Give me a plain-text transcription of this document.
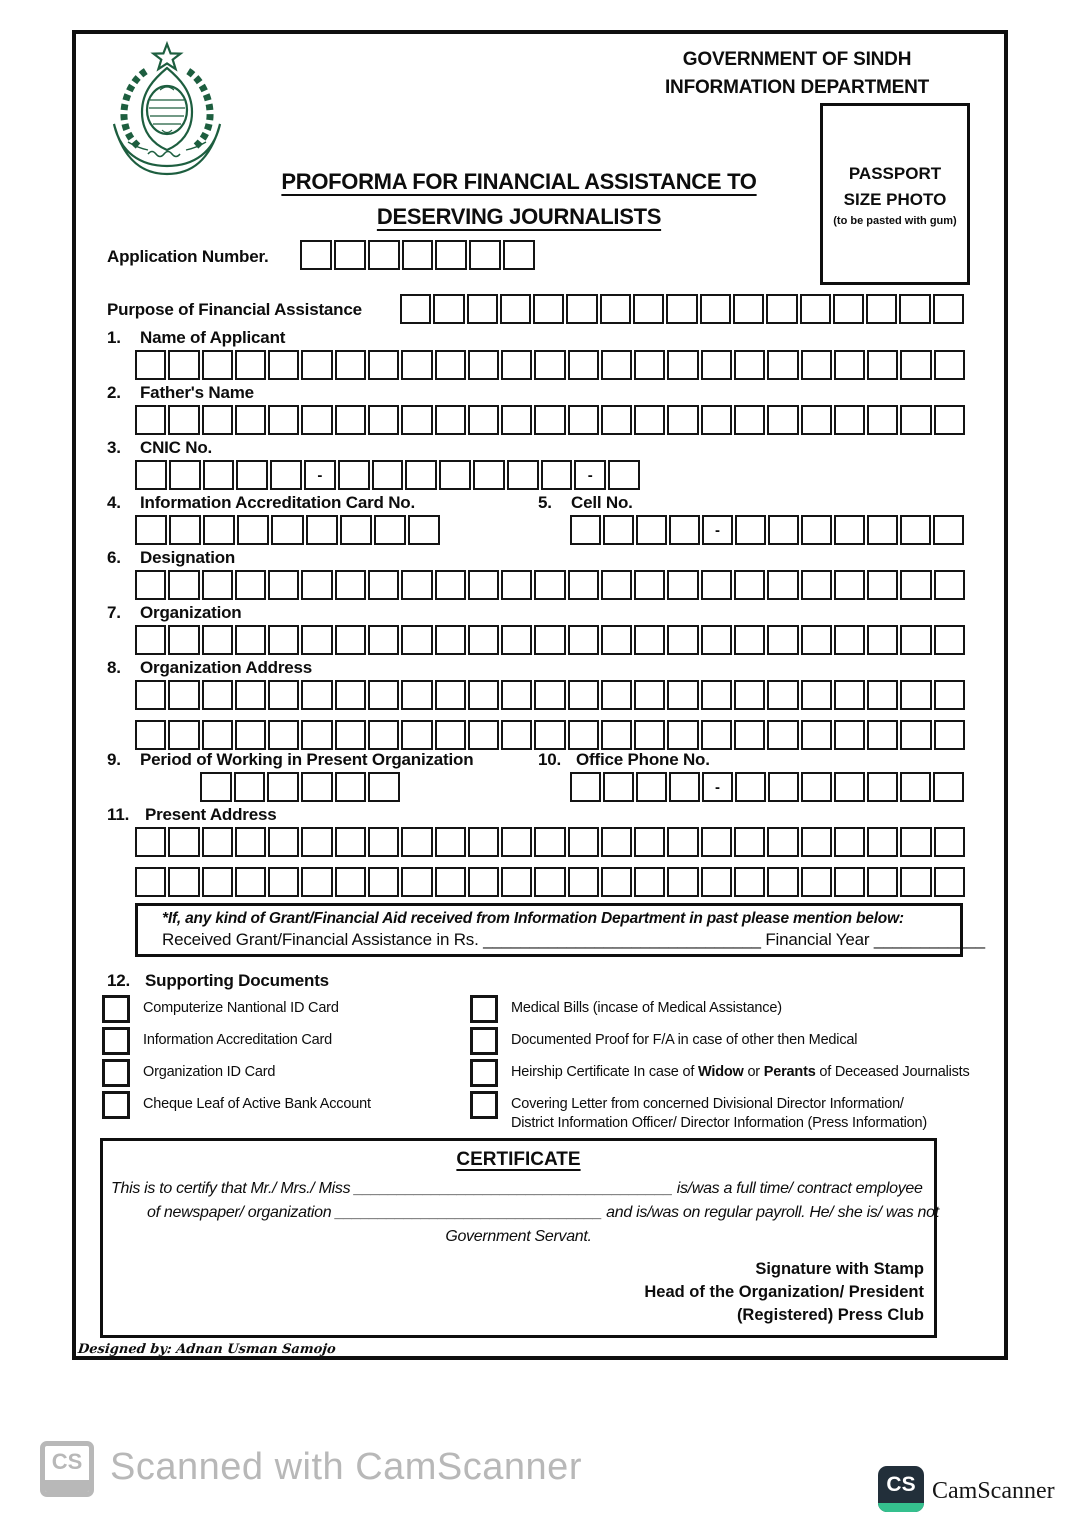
GOVERNMENT OF SINDH
INFORMATION DEPARTMENT
PASSPORT
SIZE PHOTO
(to be pasted with gum)
PROFORMA FOR FINANCIAL ASSISTANCE TO
DESERVING JOURNALISTS
Application Number.
Purpose of Financial Assistance
1.	Name of Applicant
2.	Father's Name
3.	CNIC No.
-	-
4.	Information Accreditation Card No.	5.	Cell No.
-
6.	Designation
7.	Organization
8.	Organization Address
9.	Period of Working in Present Organization	10. Office Phone No.
-
11. Present Address
*If, any kind of Grant/Financial Aid received from Information Department in past please mention below:
Received Grant/Financial Assistance in Rs. ______________________________ Financial Year ____________
12. Supporting Documents
Computerize Nantional ID Card
Information Accreditation Card
Organization ID Card
Cheque Leaf of Active Bank Account
Medical Bills (incase of Medical Assistance)
Documented Proof for F/A in case of other then Medical
Heirship Certificate In case of Widow or Perants of Deceased Journalists
Covering Letter from concerned Divisional Director Information/
District Information Officer/ Director Information (Press Information)
CERTIFICATE
This is to certify that Mr./ Mrs./ Miss _____________________________________ is/was a full time/ contract employee
of newspaper/ organization _______________________________ and is/was on regular payroll. He/ she is/ was not
Government Servant.
Signature with Stamp
Head of the Organization/ President
(Registered) Press Club
Designed by: Adnan Usman Samojo
CS Scanned with CamScanner	CS CamScanner
